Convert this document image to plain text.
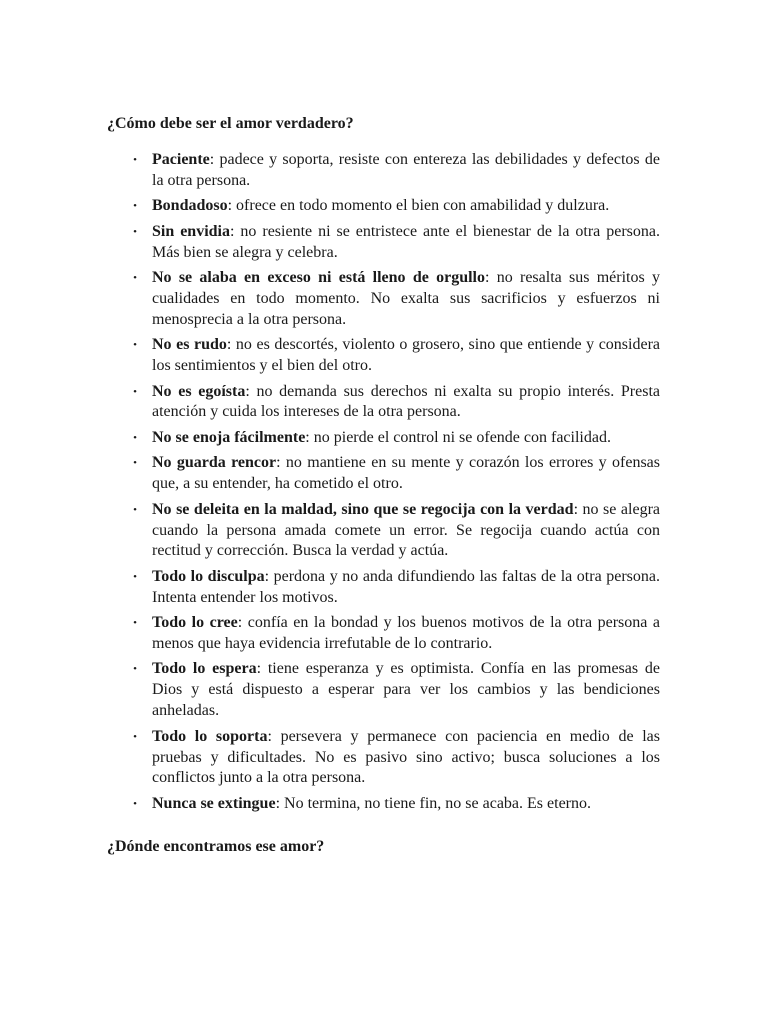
¿Cómo debe ser el amor verdadero?
• Paciente: padece y soporta, resiste con entereza las debilidades y defectos de la otra persona.
• Bondadoso: ofrece en todo momento el bien con amabilidad y dulzura.
• Sin envidia: no resiente ni se entristece ante el bienestar de la otra persona. Más bien se alegra y celebra.
• No se alaba en exceso ni está lleno de orgullo: no resalta sus méritos y cualidades en todo momento. No exalta sus sacrificios y esfuerzos ni menosprecia a la otra persona.
• No es rudo: no es descortés, violento o grosero, sino que entiende y considera los sentimientos y el bien del otro.
• No es egoísta: no demanda sus derechos ni exalta su propio interés. Presta atención y cuida los intereses de la otra persona.
• No se enoja fácilmente: no pierde el control ni se ofende con facilidad.
• No guarda rencor: no mantiene en su mente y corazón los errores y ofensas que, a su entender, ha cometido el otro.
• No se deleita en la maldad, sino que se regocija con la verdad: no se alegra cuando la persona amada comete un error. Se regocija cuando actúa con rectitud y corrección. Busca la verdad y actúa.
• Todo lo disculpa: perdona y no anda difundiendo las faltas de la otra persona. Intenta entender los motivos.
• Todo lo cree: confía en la bondad y los buenos motivos de la otra persona a menos que haya evidencia irrefutable de lo contrario.
• Todo lo espera: tiene esperanza y es optimista. Confía en las promesas de Dios y está dispuesto a esperar para ver los cambios y las bendiciones anheladas.
• Todo lo soporta: persevera y permanece con paciencia en medio de las pruebas y dificultades. No es pasivo sino activo; busca soluciones a los conflictos junto a la otra persona.
• Nunca se extingue: No termina, no tiene fin, no se acaba. Es eterno.
¿Dónde encontramos ese amor?
